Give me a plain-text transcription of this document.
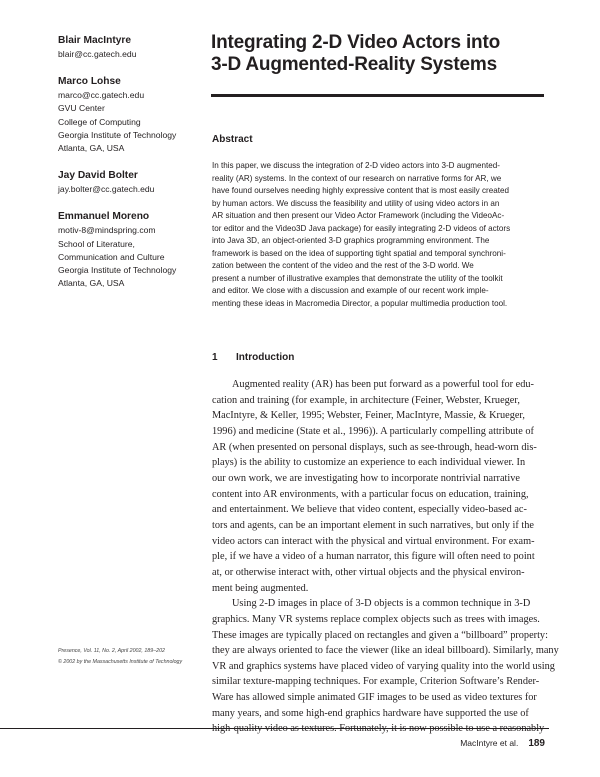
Blair MacIntyre
blair@cc.gatech.edu
Marco Lohse
marco@cc.gatech.edu
GVU Center
College of Computing
Georgia Institute of Technology
Atlanta, GA, USA
Jay David Bolter
jay.bolter@cc.gatech.edu
Emmanuel Moreno
motiv-8@mindspring.com
School of Literature,
Communication and Culture
Georgia Institute of Technology
Atlanta, GA, USA
Integrating 2-D Video Actors into
3-D Augmented-Reality Systems
Abstract
In this paper, we discuss the integration of 2-D video actors into 3-D augmented-
reality (AR) systems. In the context of our research on narrative forms for AR, we
have found ourselves needing highly expressive content that is most easily created
by human actors. We discuss the feasibility and utility of using video actors in an
AR situation and then present our Video Actor Framework (including the VideoAc-
tor editor and the Video3D Java package) for easily integrating 2-D videos of actors
into Java 3D, an object-oriented 3-D graphics programming environment. The
framework is based on the idea of supporting tight spatial and temporal synchroni-
zation between the content of the video and the rest of the 3-D world. We
present a number of illustrative examples that demonstrate the utility of the toolkit
and editor. We close with a discussion and example of our recent work imple-
menting these ideas in Macromedia Director, a popular multimedia production tool.
1 Introduction
Augmented reality (AR) has been put forward as a powerful tool for edu-
cation and training (for example, in architecture (Feiner, Webster, Krueger,
MacIntyre, & Keller, 1995; Webster, Feiner, MacIntyre, Massie, & Krueger,
1996) and medicine (State et al., 1996)). A particularly compelling attribute of
AR (when presented on personal displays, such as see-through, head-worn dis-
plays) is the ability to customize an experience to each individual viewer. In
our own work, we are investigating how to incorporate nontrivial narrative
content into AR environments, with a particular focus on education, training,
and entertainment. We believe that video content, especially video-based ac-
tors and agents, can be an important element in such narratives, but only if the
video actors can interact with the physical and virtual environment. For exam-
ple, if we have a video of a human narrator, this figure will often need to point
at, or otherwise interact with, other virtual objects and the physical environ-
ment being augmented.
Using 2-D images in place of 3-D objects is a common technique in 3-D
graphics. Many VR systems replace complex objects such as trees with images.
These images are typically placed on rectangles and given a “billboard” property:
they are always oriented to face the viewer (like an ideal billboard). Similarly, many
VR and graphics systems have placed video of varying quality into the world using
similar texture-mapping techniques. For example, Criterion Software’s Render-
Ware has allowed simple animated GIF images to be used as video textures for
many years, and some high-end graphics hardware have supported the use of
Presence, Vol. 11, No. 2, April 2002, 189–202
© 2002 by the Massachusetts Institute of Technology
MacIntyre et al. 189
